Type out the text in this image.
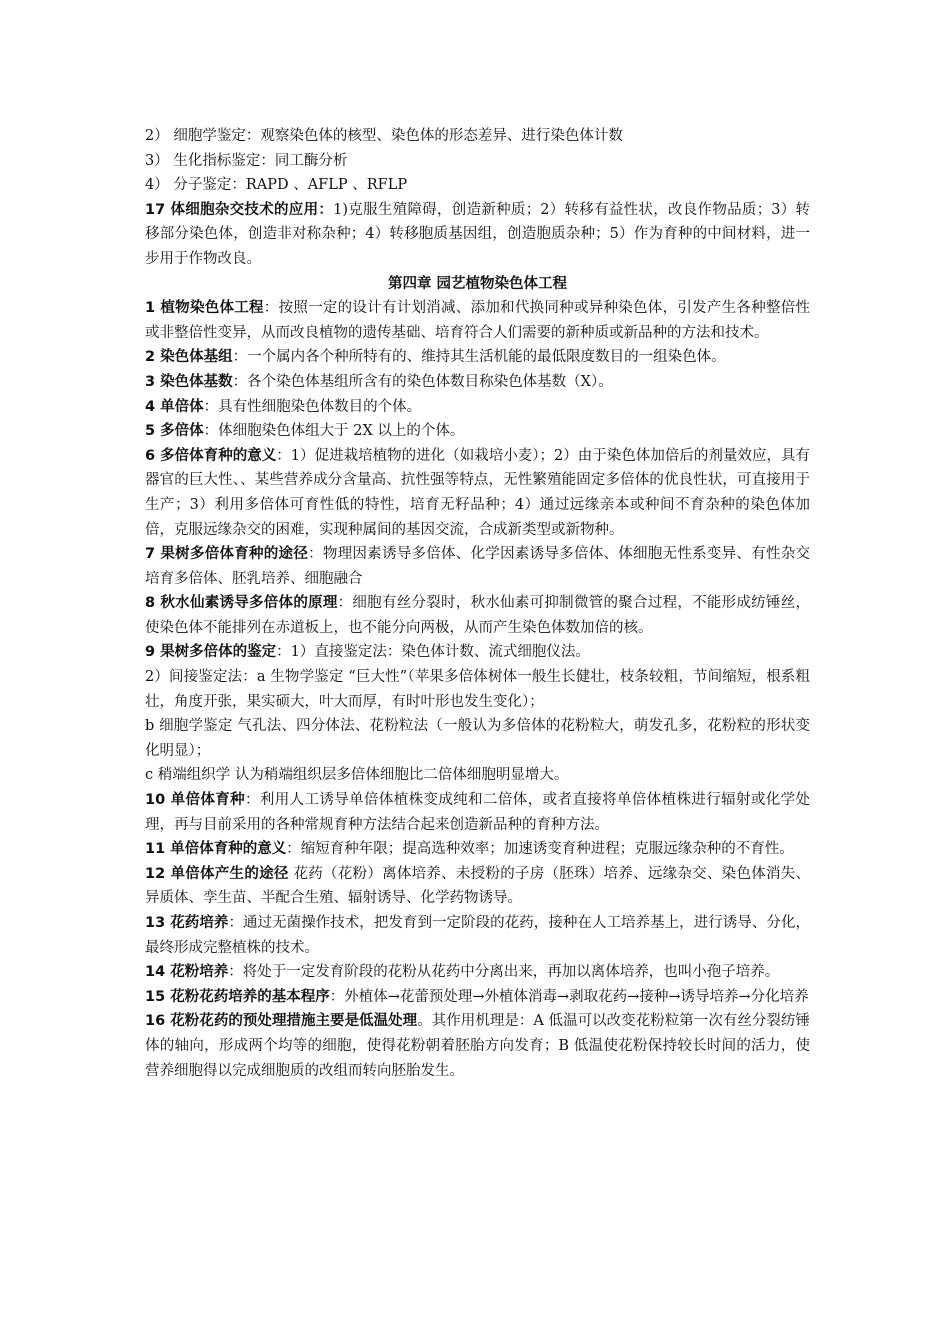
2） 细胞学鉴定：观察染色体的核型、染色体的形态差异、进行染色体计数

3） 生化指标鉴定：同工酶分析

4） 分子鉴定：RAPD 、AFLP 、RFLP

17 体细胞杂交技术的应用：1)克服生殖障碍，创造新种质；2）转移有益性状，改良作物品质；3）转移部分染色体，创造非对称杂种；4）转移胞质基因组，创造胞质杂种；5）作为育种的中间材料，进一步用于作物改良。

第四章 园艺植物染色体工程

1 植物染色体工程：按照一定的设计有计划消减、添加和代换同种或异种染色体，引发产生各种整倍性或非整倍性变异，从而改良植物的遗传基础、培育符合人们需要的新种质或新品种的方法和技术。

2 染色体基组：一个属内各个种所特有的、维持其生活机能的最低限度数目的一组染色体。

3 染色体基数：各个染色体基组所含有的染色体数目称染色体基数（X）。

4 单倍体：具有性细胞染色体数目的个体。

5 多倍体：体细胞染色体组大于 2X 以上的个体。

6 多倍体育种的意义：1）促进栽培植物的进化（如栽培小麦）；2）由于染色体加倍后的剂量效应，具有器官的巨大性、、某些营养成分含量高、抗性强等特点，无性繁殖能固定多倍体的优良性状，可直接用于生产；3）利用多倍体可育性低的特性，培育无籽品种；4）通过远缘亲本或种间不育杂种的染色体加倍，克服远缘杂交的困难，实现种属间的基因交流，合成新类型或新物种。

7 果树多倍体育种的途径：物理因素诱导多倍体、化学因素诱导多倍体、体细胞无性系变异、有性杂交培育多倍体、胚乳培养、细胞融合

8 秋水仙素诱导多倍体的原理：细胞有丝分裂时，秋水仙素可抑制微管的聚合过程，不能形成纺锤丝，使染色体不能排列在赤道板上，也不能分向两极，从而产生染色体数加倍的核。

9 果树多倍体的鉴定：1）直接鉴定法：染色体计数、流式细胞仪法。

2）间接鉴定法：a 生物学鉴定 “巨大性”（苹果多倍体树体一般生长健壮，枝条较粗，节间缩短，根系粗壮，角度开张，果实硕大，叶大而厚，有时叶形也发生变化）；

b 细胞学鉴定 气孔法、四分体法、花粉粒法（一般认为多倍体的花粉粒大，萌发孔多，花粉粒的形状变化明显）；

c 稍端组织学 认为稍端组织层多倍体细胞比二倍体细胞明显增大。

10 单倍体育种：利用人工诱导单倍体植株变成纯和二倍体，或者直接将单倍体植株进行辐射或化学处理，再与目前采用的各种常规育种方法结合起来创造新品种的育种方法。

11 单倍体育种的意义：缩短育种年限；提高选种效率；加速诱变育种进程；克服远缘杂种的不育性。

12 单倍体产生的途径 花药（花粉）离体培养、未授粉的子房（胚珠）培养、远缘杂交、染色体消失、异质体、孪生苗、半配合生殖、辐射诱导、化学药物诱导。

13 花药培养：通过无菌操作技术，把发育到一定阶段的花药，接种在人工培养基上，进行诱导、分化，最终形成完整植株的技术。

14 花粉培养：将处于一定发育阶段的花粉从花药中分离出来，再加以离体培养，也叫小孢子培养。

15 花粉花药培养的基本程序：外植体→花蕾预处理→外植体消毒→剥取花药→接种→诱导培养→分化培养

16 花粉花药的预处理措施主要是低温处理。其作用机理是：A 低温可以改变花粉粒第一次有丝分裂纺锤体的轴向，形成两个均等的细胞，使得花粉朝着胚胎方向发育；B 低温使花粉保持较长时间的活力，使营养细胞得以完成细胞质的改组而转向胚胎发生。
